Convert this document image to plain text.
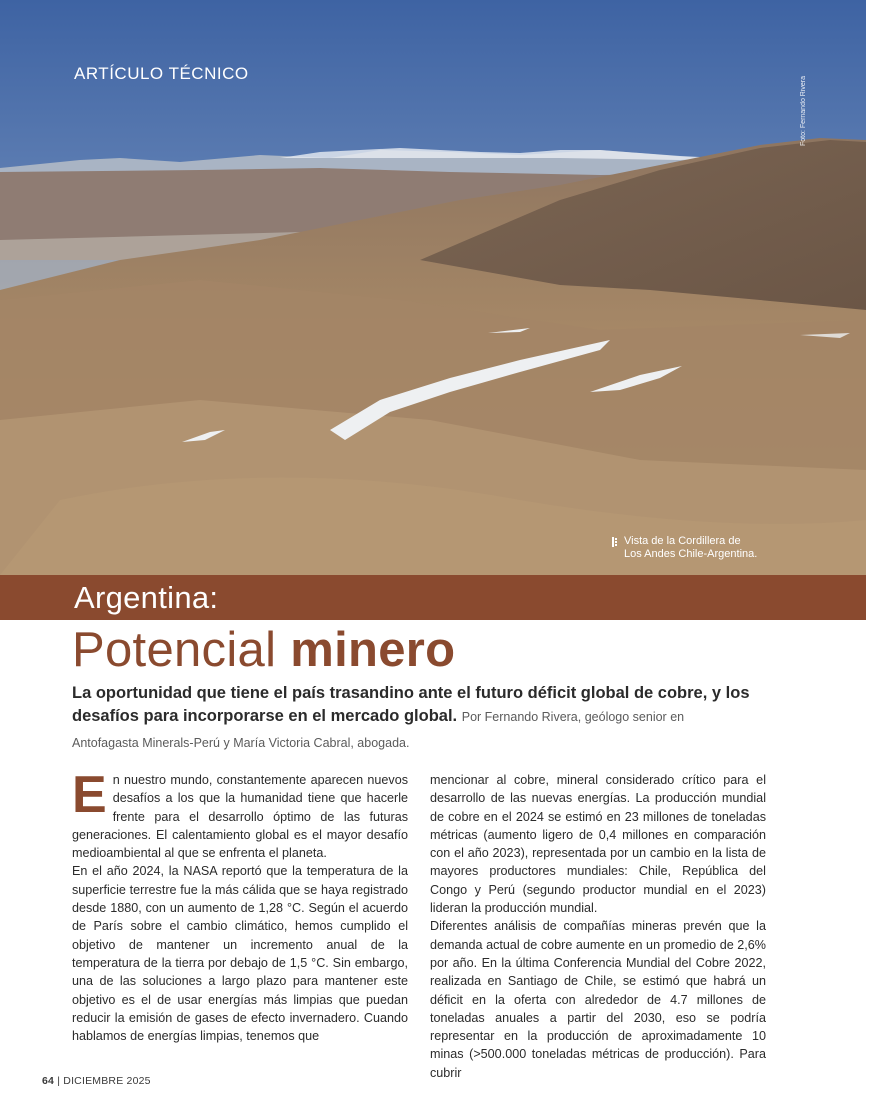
ARTÍCULO TÉCNICO
Foto: Fernando Rivera
Vista de la Cordillera de
Los Andes Chile-Argentina.
Argentina:
Potencial minero
La oportunidad que tiene el país trasandino ante el futuro déficit global de cobre, y los desafíos para incorporarse en el mercado global. Por Fernando Rivera, geólogo senior en
Antofagasta Minerals-Perú y María Victoria Cabral, abogada.

En nuestro mundo, constantemente aparecen nuevos desafíos a los que la humanidad tiene que hacerle frente para el desarrollo óptimo de las futuras generaciones. El calentamiento global es el mayor desafío medioambiental al que se enfrenta el planeta.

En el año 2024, la NASA reportó que la temperatura de la superficie terrestre fue la más cálida que se haya registrado desde 1880, con un aumento de 1,28 °C. Según el acuerdo de París sobre el cambio climático, hemos cumplido el objetivo de mantener un incremento anual de la temperatura de la tierra por debajo de 1,5 °C. Sin embargo, una de las soluciones a largo plazo para mantener este objetivo es el de usar energías más limpias que puedan reducir la emisión de gases de efecto invernadero. Cuando hablamos de energías limpias, tenemos que

mencionar al cobre, mineral considerado crítico para el desarrollo de las nuevas energías. La producción mundial de cobre en el 2024 se estimó en 23 millones de toneladas métricas (aumento ligero de 0,4 millones en comparación con el año 2023), representada por un cambio en la lista de mayores productores mundiales: Chile, República del Congo y Perú (segundo productor mundial en el 2023) lideran la producción mundial.

Diferentes análisis de compañías mineras prevén que la demanda actual de cobre aumente en un promedio de 2,6% por año. En la última Conferencia Mundial del Cobre 2022, realizada en Santiago de Chile, se estimó que habrá un déficit en la oferta con alrededor de 4.7 millones de toneladas anuales a partir del 2030, eso se podría representar en la producción de aproximadamente 10 minas (>500.000 toneladas métricas de producción). Para cubrir

64 | DICIEMBRE 2025
